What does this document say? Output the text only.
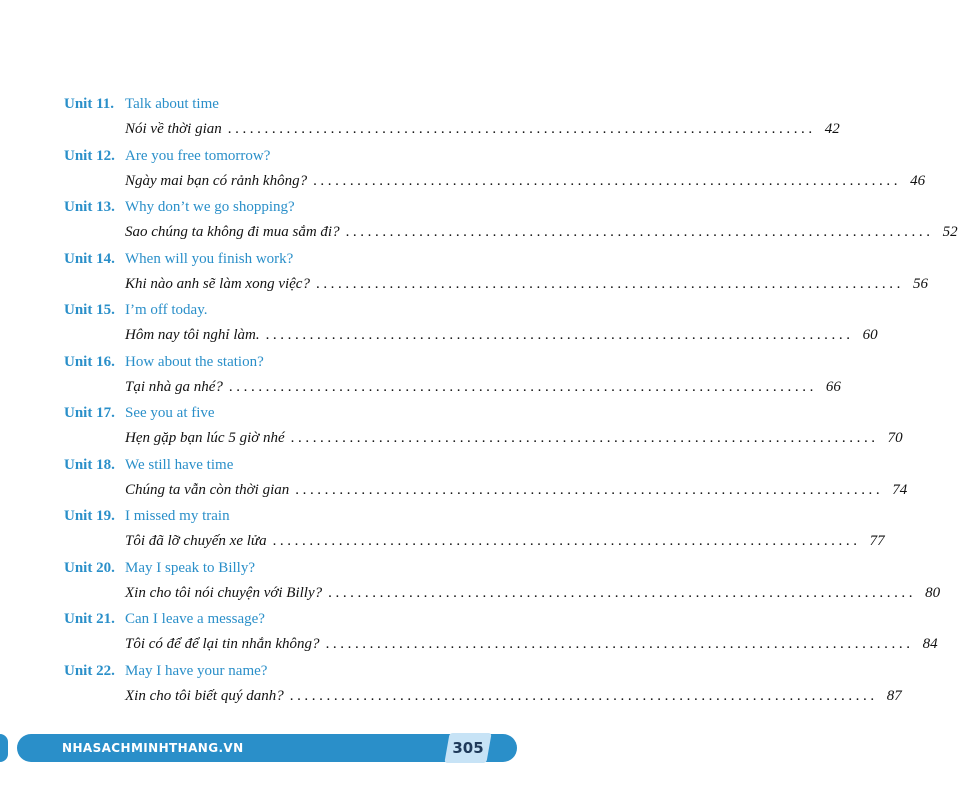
Unit 11. Talk about time
Nói về thời gian ................................................................................ 42
Unit 12. Are you free tomorrow?
Ngày mai bạn có rảnh không? ................................................................................ 46
Unit 13. Why don’t we go shopping?
Sao chúng ta không đi mua sắm đi? ................................................................................ 52
Unit 14. When will you finish work?
Khi nào anh sẽ làm xong việc? ................................................................................ 56
Unit 15. I’m off today.
Hôm nay tôi nghỉ làm. ................................................................................ 60
Unit 16. How about the station?
Tại nhà ga nhé? ................................................................................ 66
Unit 17. See you at five
Hẹn gặp bạn lúc 5 giờ nhé ................................................................................ 70
Unit 18. We still have time
Chúng ta vẫn còn thời gian ................................................................................ 74
Unit 19. I missed my train
Tôi đã lỡ chuyến xe lửa ................................................................................ 77
Unit 20. May I speak to Billy?
Xin cho tôi nói chuyện với Billy? ................................................................................ 80
Unit 21. Can I leave a message?
Tôi có để để lại tin nhắn không? ................................................................................ 84
Unit 22. May I have your name?
Xin cho tôi biết quý danh? ................................................................................ 87
NHASACHMINHTHANG.VN	305
